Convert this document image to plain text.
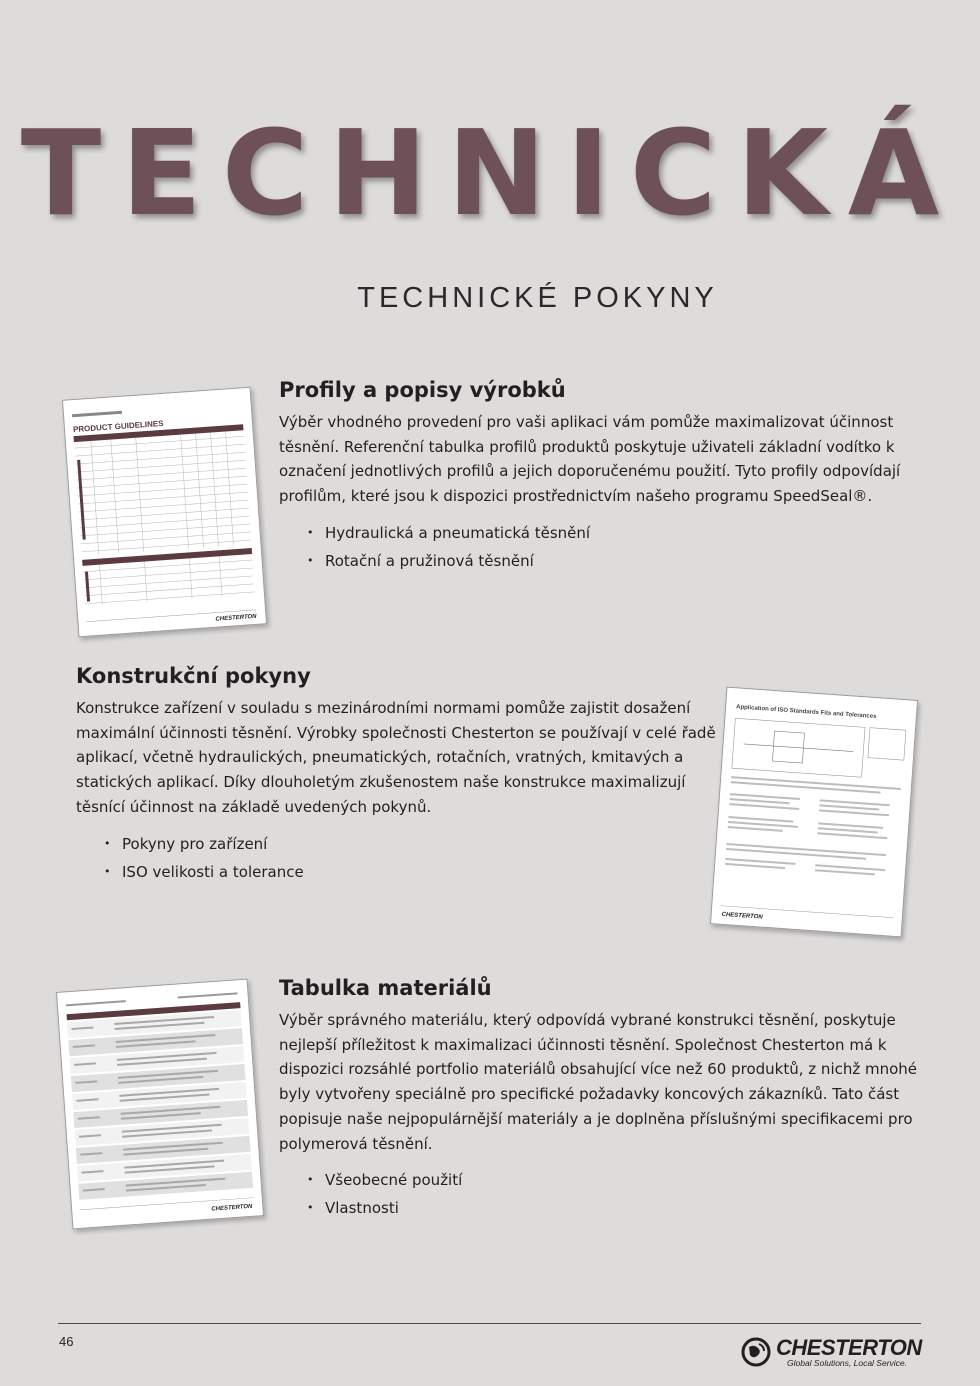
TECHNICKÁ
TECHNICKÉ POKYNY
Profily a popisy výrobků

Výběr vhodného provedení pro vaši aplikaci vám pomůže maximalizovat účinnost těsnění. Referenční tabulka profilů produktů poskytuje uživateli základní vodítko k označení jednotlivých profilů a jejich doporučenému použití. Tyto profily odpovídají profilům, které jsou k dispozici prostřednictvím našeho programu SpeedSeal®.

• Hydraulická a pneumatická těsnění
• Rotační a pružinová těsnění
Konstrukční pokyny

Konstrukce zařízení v souladu s mezinárodními normami pomůže zajistit dosažení maximální účinnosti těsnění. Výrobky společnosti Chesterton se používají v celé řadě aplikací, včetně hydraulických, pneumatických, rotačních, vratných, kmitavých a statických aplikací. Díky dlouholetým zkušenostem naše konstrukce maximalizují těsnící účinnost na základě uvedených pokynů.

• Pokyny pro zařízení
• ISO velikosti a tolerance
Tabulka materiálů

Výběr správného materiálu, který odpovídá vybrané konstrukci těsnění, poskytuje nejlepší příležitost k maximalizaci účinnosti těsnění. Společnost Chesterton má k dispozici rozsáhlé portfolio materiálů obsahující více než 60 produktů, z nichž mnohé byly vytvořeny speciálně pro specifické požadavky koncových zákazníků. Tato část popisuje naše nejpopulárnější materiály a je doplněna příslušnými specifikacemi pro polymerová těsnění.

• Všeobecné použití
• Vlastnosti
PRODUCT GUIDELINES
CHESTERTON
Application of ISO Standards Fits and Tolerances
CHESTERTON
CHESTERTON
46	CHESTERTON
Global Solutions, Local Service.
